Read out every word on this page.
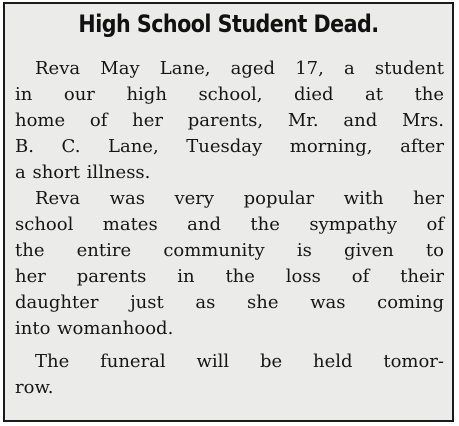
High School Student Dead.
Reva May Lane, aged 17, a student
in our high school, died at the
home of her parents, Mr. and Mrs.
B. C. Lane, Tuesday morning, after
a short illness.
Reva was very popular with her
school mates and the sympathy of
the entire community is given to
her parents in the loss of their
daughter just as she was coming
into womanhood.
The funeral will be held tomor-
row.
